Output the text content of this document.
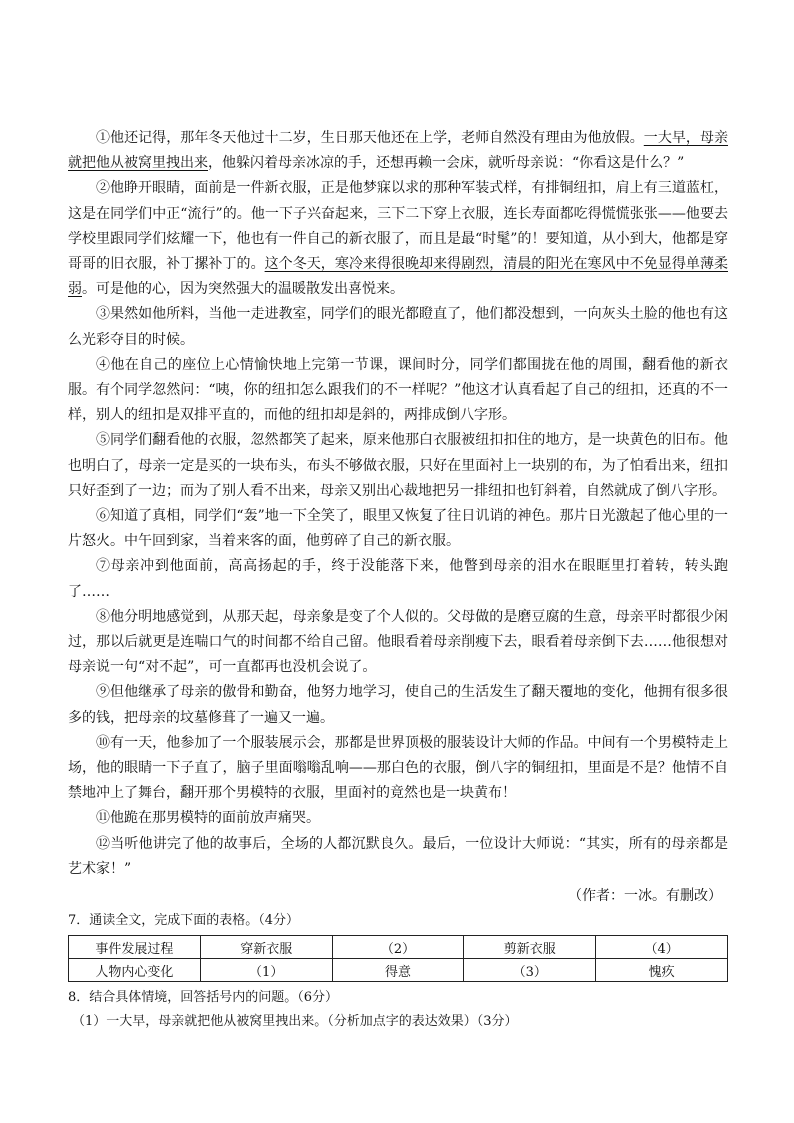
①他还记得，那年冬天他过十二岁，生日那天他还在上学，老师自然没有理由为他放假。一大早，母亲就把他从被窝里拽出来，他躲闪着母亲冰凉的手，还想再赖一会床，就听母亲说：“你看这是什么？”

②他睁开眼睛，面前是一件新衣服，正是他梦寐以求的那种军装式样，有排铜纽扣，肩上有三道蓝杠，这是在同学们中正“流行”的。他一下子兴奋起来，三下二下穿上衣服，连长寿面都吃得慌慌张张——他要去学校里跟同学们炫耀一下，他也有一件自己的新衣服了，而且是最“时髦”的！要知道，从小到大，他都是穿哥哥的旧衣服，补丁摞补丁的。这个冬天，寒冷来得很晚却来得剧烈，清晨的阳光在寒风中不免显得单薄柔弱。可是他的心，因为突然强大的温暖散发出喜悦来。

③果然如他所料，当他一走进教室，同学们的眼光都瞪直了，他们都没想到，一向灰头土脸的他也有这么光彩夺目的时候。

④他在自己的座位上心情愉快地上完第一节课，课间时分，同学们都围拢在他的周围，翻看他的新衣服。有个同学忽然问：“咦，你的纽扣怎么跟我们的不一样呢？”他这才认真看起了自己的纽扣，还真的不一样，别人的纽扣是双排平直的，而他的纽扣却是斜的，两排成倒八字形。

⑤同学们翻看他的衣服，忽然都笑了起来，原来他那白衣服被纽扣扣住的地方，是一块黄色的旧布。他也明白了，母亲一定是买的一块布头，布头不够做衣服，只好在里面衬上一块别的布，为了怕看出来，纽扣只好歪到了一边；而为了别人看不出来，母亲又别出心裁地把另一排纽扣也钉斜着，自然就成了倒八字形。

⑥知道了真相，同学们“轰”地一下全笑了，眼里又恢复了往日讥诮的神色。那片日光激起了他心里的一片怒火。中午回到家，当着来客的面，他剪碎了自己的新衣服。

⑦母亲冲到他面前，高高扬起的手，终于没能落下来，他瞥到母亲的泪水在眼眶里打着转，转头跑了……

⑧他分明地感觉到，从那天起，母亲象是变了个人似的。父母做的是磨豆腐的生意，母亲平时都很少闲过，那以后就更是连喘口气的时间都不给自己留。他眼看着母亲削瘦下去，眼看着母亲倒下去……他很想对母亲说一句“对不起”，可一直都再也没机会说了。

⑨但他继承了母亲的傲骨和勤奋，他努力地学习，使自己的生活发生了翻天覆地的变化，他拥有很多很多的钱，把母亲的坟墓修葺了一遍又一遍。

⑩有一天，他参加了一个服装展示会，那都是世界顶极的服装设计大师的作品。中间有一个男模特走上场，他的眼睛一下子直了，脑子里面嗡嗡乱响——那白色的衣服，倒八字的铜纽扣，里面是不是？他情不自禁地冲上了舞台，翻开那个男模特的衣服，里面衬的竟然也是一块黄布！

⑪他跪在那男模特的面前放声痛哭。

⑫当听他讲完了他的故事后，全场的人都沉默良久。最后，一位设计大师说：“其实，所有的母亲都是艺术家！”

（作者：一冰。有删改）

7．通读全文，完成下面的表格。（4分）

事件发展过程	穿新衣服	（2）	剪新衣服	（4）
人物内心变化	（1）	得意	（3）	愧疚

8．结合具体情境，回答括号内的问题。（6分）

（1）一大早，母亲就把他从被窝里拽出来。（分析加点字的表达效果）（3分）
